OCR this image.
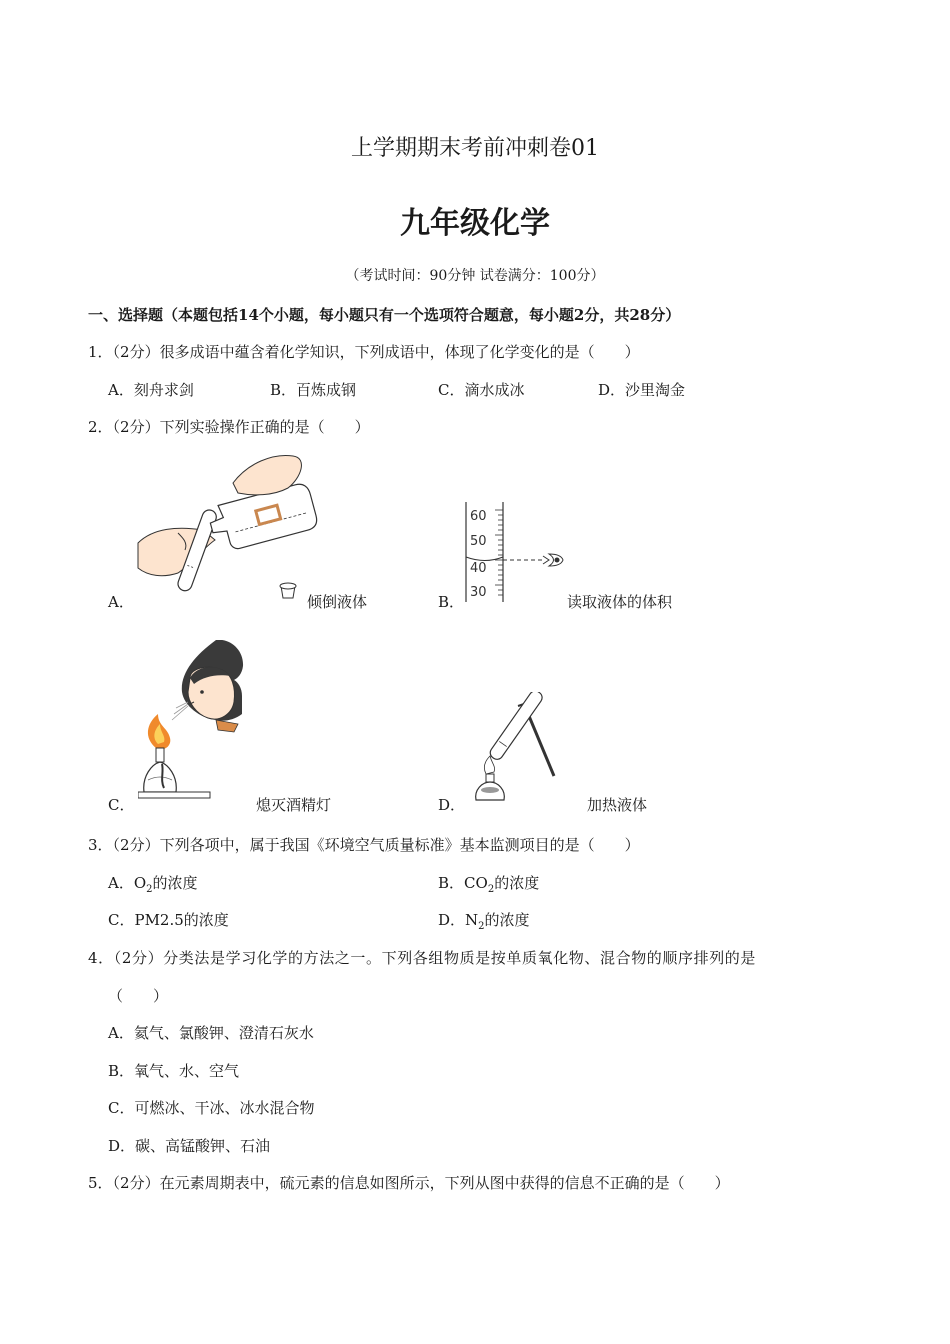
上学期期末考前冲刺卷01
九年级化学
（考试时间：90分钟 试卷满分：100分）
一、选择题（本题包括14个小题，每小题只有一个选项符合题意，每小题2分，共28分）
1．（2分）很多成语中蕴含着化学知识，下列成语中，体现了化学变化的是（　　）
A．刻舟求剑	B．百炼成钢	C．滴水成冰	D．沙里淘金
2．（2分）下列实验操作正确的是（　　）
A．	倾倒液体	B．
60
50
40
30
读取液体的体积
C．	熄灭酒精灯	D．	加热液体
3．（2分）下列各项中，属于我国《环境空气质量标准》基本监测项目的是（　　）
A．$O_2$的浓度	B．$CO_2$的浓度
C．PM2.5的浓度	D．$N_2$的浓度
4．（2分）分类法是学习化学的方法之一。下列各组物质是按单质氧化物、混合物的顺序排列的是
（　　）
A．氦气、氯酸钾、澄清石灰水
B．氧气、水、空气
C．可燃冰、干冰、冰水混合物
D．碳、高锰酸钾、石油
5．（2分）在元素周期表中，硫元素的信息如图所示，下列从图中获得的信息不正确的是（　　）
